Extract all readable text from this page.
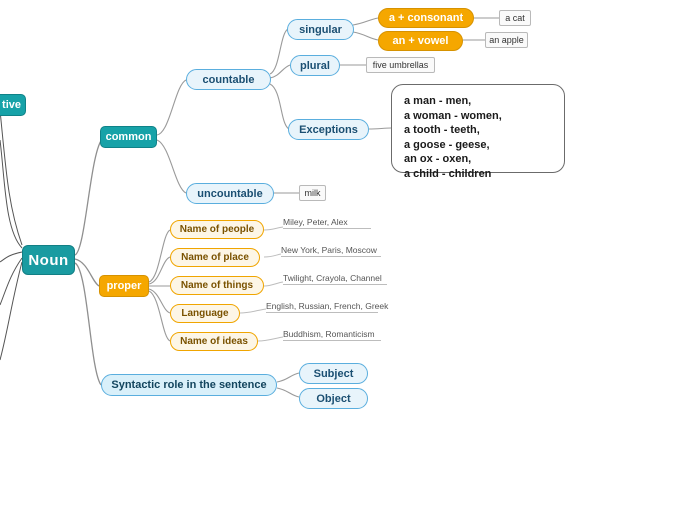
tive
Noun
common
proper
Syntactic role in the sentence
countable
uncountable	milk
singular
plural	five umbrellas
Exceptions
a + consonant	a cat
an + vowel	an apple
a man - men,
a woman - women,
a tooth - teeth,
a goose - geese,
an ox - oxen,
a child - children
Name of people
Miley, Peter, Alex
Name of place
New York, Paris, Moscow
Name of things
Twilight, Crayola, Channel
Language
English, Russian, French, Greek
Name of ideas
Buddhism, Romanticism
Subject
Object
